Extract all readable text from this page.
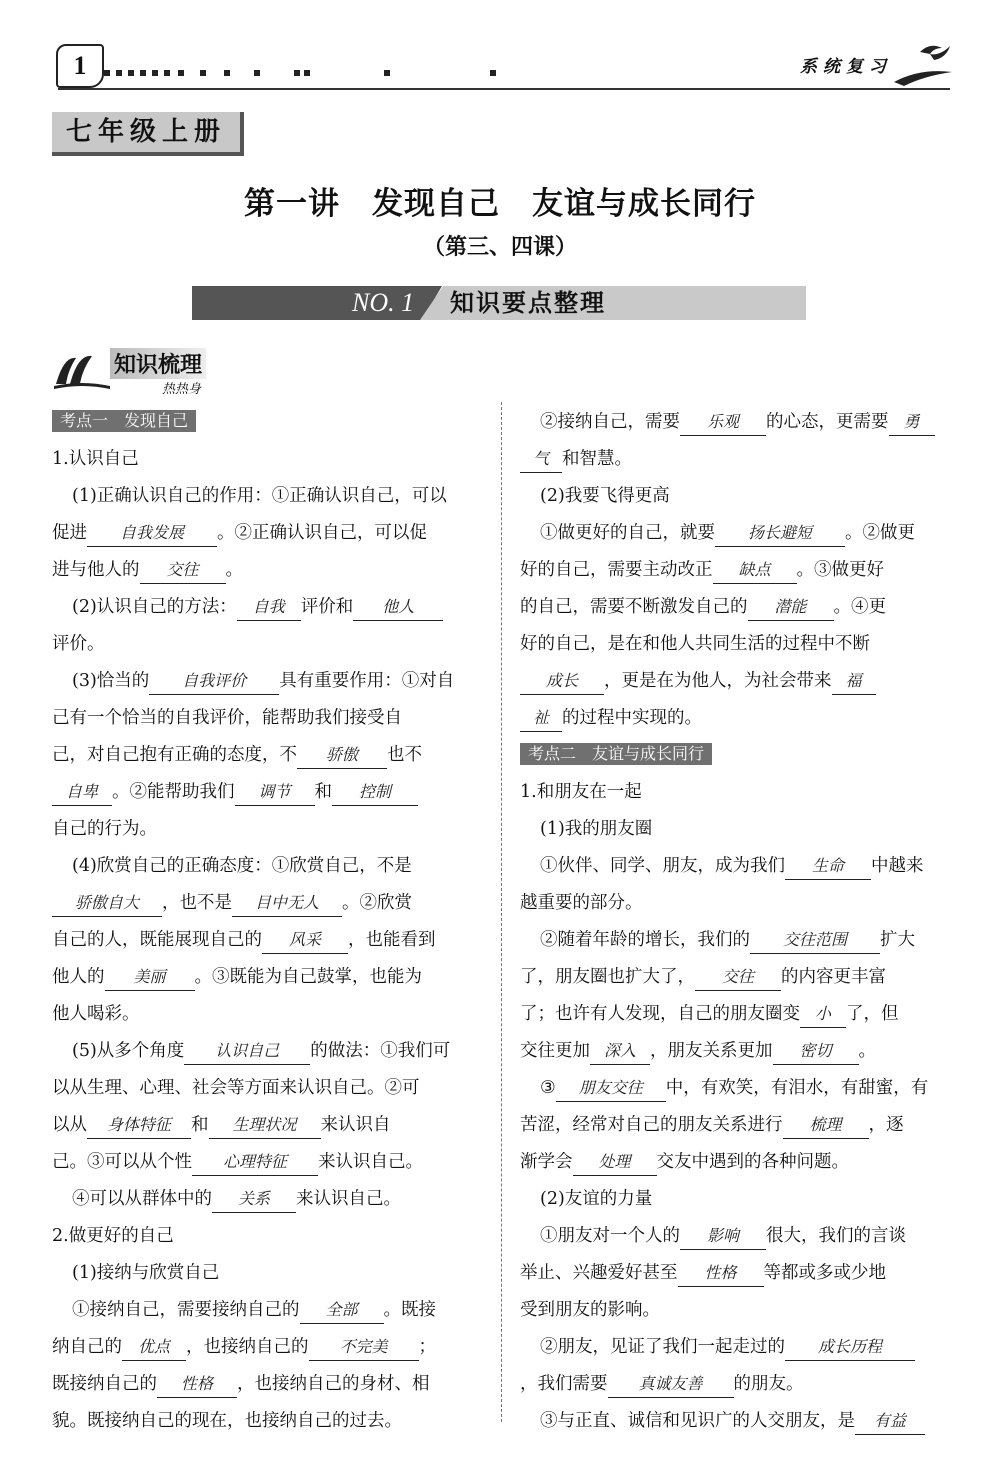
1	系统复习
七年级上册
第一讲　发现自己　友谊与成长同行
（第三、四课）
NO. 1 知识要点整理
知识梳理
热热身
考点一　发现自己
1.认识自己
(1)正确认识自己的作用：①正确认识自己，可以
促进 自我发展 。②正确认识自己，可以促
进与他人的 交往 。
(2)认识自己的方法： 自我 评价和 他人
评价。
(3)恰当的 自我评价 具有重要作用：①对自
己有一个恰当的自我评价，能帮助我们接受自
己，对自己抱有正确的态度，不 骄傲 也不
自卑 。②能帮助我们 调节 和 控制
自己的行为。
(4)欣赏自己的正确态度：①欣赏自己，不是
骄傲自大 ，也不是 目中无人 。②欣赏
自己的人，既能展现自己的 风采 ，也能看到
他人的 美丽 。③既能为自己鼓掌，也能为
他人喝彩。
(5)从多个角度 认识自己 的做法：①我们可
以从生理、心理、社会等方面来认识自己。②可
以从 身体特征 和 生理状况 来认识自
己。③可以从个性 心理特征 来认识自己。
④可以从群体中的 关系 来认识自己。
2.做更好的自己
(1)接纳与欣赏自己
①接纳自己，需要接纳自己的 全部 。既接
纳自己的 优点 ，也接纳自己的 不完美 ；
既接纳自己的 性格 ，也接纳自己的身材、相
貌。既接纳自己的现在，也接纳自己的过去。
②接纳自己，需要 乐观 的心态，更需要 勇
气 和智慧。
(2)我要飞得更高
①做更好的自己，就要 扬长避短 。②做更
好的自己，需要主动改正 缺点 。③做更好
的自己，需要不断激发自己的 潜能 。④更
好的自己，是在和他人共同生活的过程中不断
成长 ，更是在为他人，为社会带来 福
祉 的过程中实现的。
考点二　友谊与成长同行
1.和朋友在一起
(1)我的朋友圈
①伙伴、同学、朋友，成为我们 生命 中越来
越重要的部分。
②随着年龄的增长，我们的 交往范围 扩大
了，朋友圈也扩大了， 交往 的内容更丰富
了；也许有人发现，自己的朋友圈变 小 了，但
交往更加 深入 ，朋友关系更加 密切 。
③ 朋友交往 中，有欢笑，有泪水，有甜蜜，有
苦涩，经常对自己的朋友关系进行 梳理 ，逐
渐学会 处理 交友中遇到的各种问题。
(2)友谊的力量
①朋友对一个人的 影响 很大，我们的言谈
举止、兴趣爱好甚至 性格 等都或多或少地
受到朋友的影响。
②朋友，见证了我们一起走过的 成长历程
，我们需要 真诚友善 的朋友。
③与正直、诚信和见识广的人交朋友，是 有益
